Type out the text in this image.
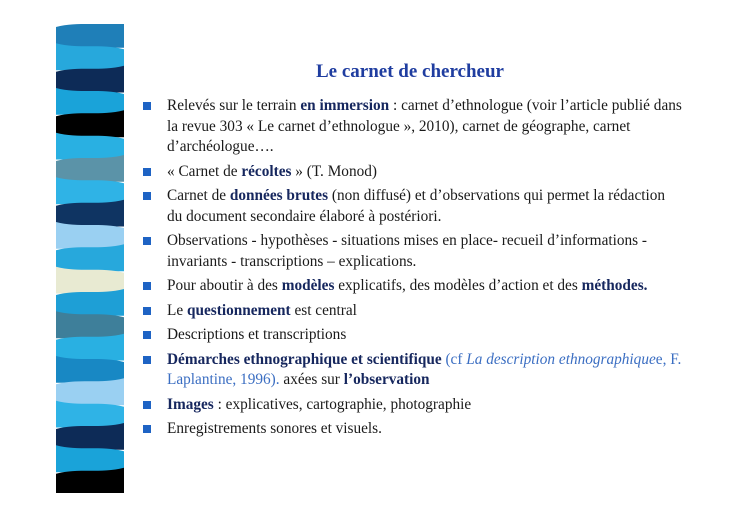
Le carnet de chercheur
Relevés sur le terrain en immersion : carnet d’ethnologue (voir l’article publié dans la revue 303 « Le carnet d’ethnologue », 2010), carnet de géographe, carnet d’archéologue….
« Carnet de récoltes » (T. Monod)
Carnet de données brutes (non diffusé) et d’observations qui permet la rédaction du document secondaire élaboré à postériori.
Observations - hypothèses - situations mises en place- recueil d’informations - invariants - transcriptions – explications.
Pour aboutir à des modèles explicatifs, des modèles d’action et des méthodes.
Le questionnement est central
Descriptions et transcriptions
Démarches ethnographique et scientifique (cf La description ethnographiquee, F. Laplantine, 1996). axées sur l’observation
Images : explicatives, cartographie, photographie
Enregistrements sonores et visuels.
